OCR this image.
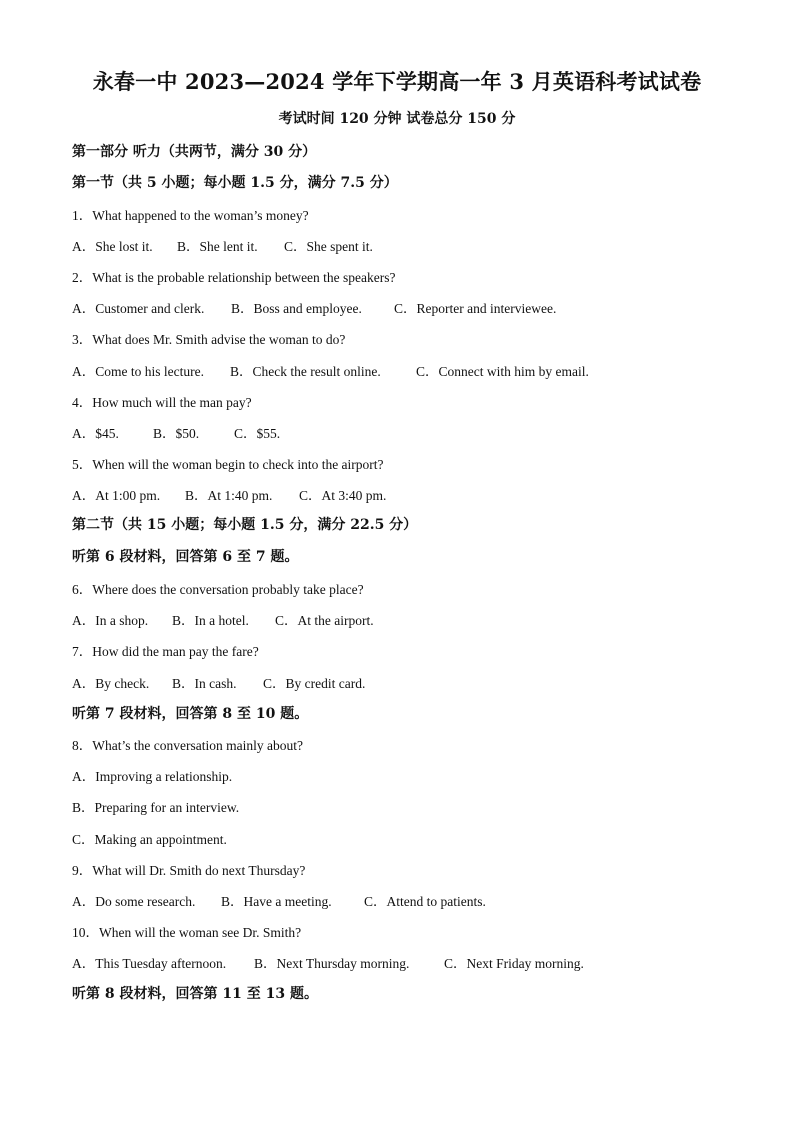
永春一中 2023—2024 学年下学期高一年 3 月英语科考试试卷
考试时间 120 分钟 试卷总分 150 分
第一部分 听力（共两节，满分 30 分）
第一节（共 5 小题；每小题 1.5 分，满分 7.5 分）
1．What happened to the woman’s money?
A．She lost it. B．She lent it. C．She spent it.
2．What is the probable relationship between the speakers?
A．Customer and clerk. B．Boss and employee. C．Reporter and interviewee.
3．What does Mr. Smith advise the woman to do?
A．Come to his lecture. B．Check the result online.	C．Connect with him by email.
4．How much will the man pay?
A．$45.	B．$50.	C．$55.
5．When will the woman begin to check into the airport?
A．At 1:00 pm. B．At 1:40 pm. C．At 3:40 pm.
第二节（共 15 小题；每小题 1.5 分，满分 22.5 分）
听第 6 段材料，回答第 6 至 7 题。
6．Where does the conversation probably take place?
A．In a shop. B．In a hotel. C．At the airport.
7．How did the man pay the fare?
A．By check. B．In cash. C．By credit card.
听第 7 段材料，回答第 8 至 10 题。
8．What’s the conversation mainly about?
A．Improving a relationship.
B．Preparing for an interview.
C．Making an appointment.
9．What will Dr. Smith do next Thursday?
A．Do some research. B．Have a meeting. C．Attend to patients.
10．When will the woman see Dr. Smith?
A．This Tuesday afternoon. B．Next Thursday morning.	C．Next Friday morning.
听第 8 段材料，回答第 11 至 13 题。
